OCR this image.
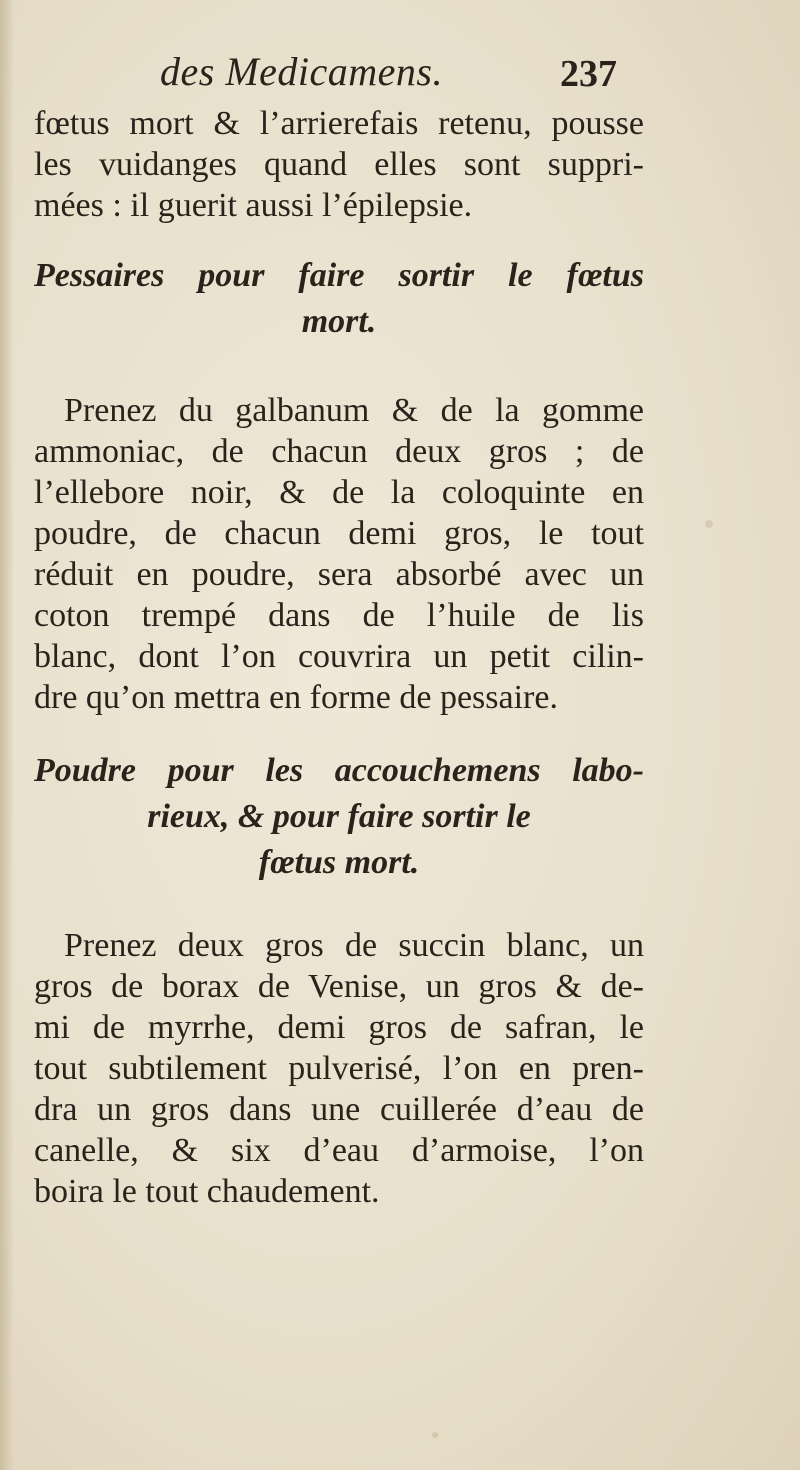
des Medicamens.	237
fœtus mort & l’arrierefais retenu, pousse
les vuidanges quand elles sont suppri-
mées : il guerit aussi l’épilepsie.
Pessaires pour faire sortir le fœtus
mort.
Prenez du galbanum & de la gomme
ammoniac, de chacun deux gros ; de
l’ellebore noir, & de la coloquinte en
poudre, de chacun demi gros, le tout
réduit en poudre, sera absorbé avec un
coton trempé dans de l’huile de lis
blanc, dont l’on couvrira un petit cilin-
dre qu’on mettra en forme de pessaire.
Poudre pour les accouchemens labo-
rieux, & pour faire sortir le
fœtus mort.
Prenez deux gros de succin blanc, un
gros de borax de Venise, un gros & de-
mi de myrrhe, demi gros de safran, le
tout subtilement pulverisé, l’on en pren-
dra un gros dans une cuillerée d’eau de
canelle, & six d’eau d’armoise, l’on
boira le tout chaudement.
